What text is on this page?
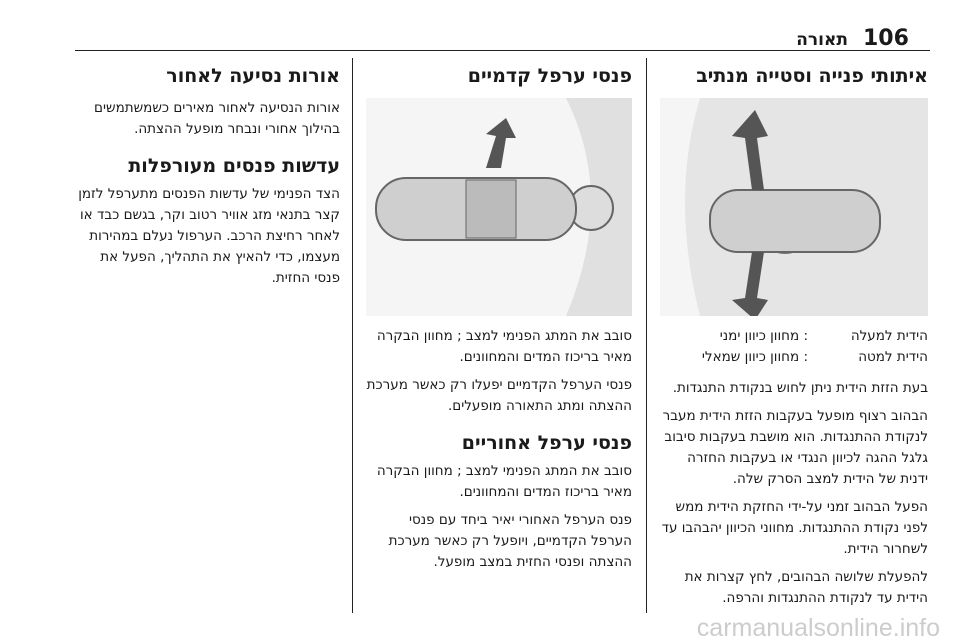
106
תאורה
איתותי פנייה וסטייה מנתיב
הידית למעלה
:
מחוון כיוון ימני
הידית למטה
:
מחוון כיוון שמאלי

בעת הזזת הידית ניתן לחוש בנקודת התנגדות.

הבהוב רצוף מופעל בעקבות הזזת הידית מעבר לנקודת ההתנגדות. הוא מושבת בעקבות סיבוב גלגל ההגה לכיוון הנגדי או בעקבות החזרה ידנית של הידית למצב הסרק שלה.

הפעל הבהוב זמני על-ידי החזקת הידית ממש לפני נקודת ההתנגדות. מחווני הכיוון יהבהבו עד לשחרור הידית.

להפעלת שלושה הבהובים, לחץ קצרות את הידית עד לנקודת ההתנגדות והרפה.

פנסי ערפל קדמיים

סובב את המתג הפנימי למצב ; מחוון הבקרה מאיר בריכוז המדים והמחוונים.

פנסי הערפל הקדמיים יפעלו רק כאשר מערכת ההצתה ומתג התאורה מופעלים.

פנסי ערפל אחוריים

סובב את המתג הפנימי למצב ; מחוון הבקרה מאיר בריכוז המדים והמחוונים.

פנס הערפל האחורי יאיר ביחד עם פנסי הערפל הקדמיים, ויופעל רק כאשר מערכת ההצתה ופנסי החזית במצב מופעל.

אורות נסיעה לאחור

אורות הנסיעה לאחור מאירים כשמשתמשים בהילוך אחורי ונבחר מופעל ההצתה.

עדשות פנסים מעורפלות

הצד הפנימי של עדשות הפנסים מתערפל לזמן קצר בתנאי מזג אוויר רטוב וקר, בגשם כבד או לאחר רחיצת הרכב. הערפול נעלם במהירות מעצמו, כדי להאיץ את התהליך, הפעל את פנסי החזית.

carmanualsonline.info
